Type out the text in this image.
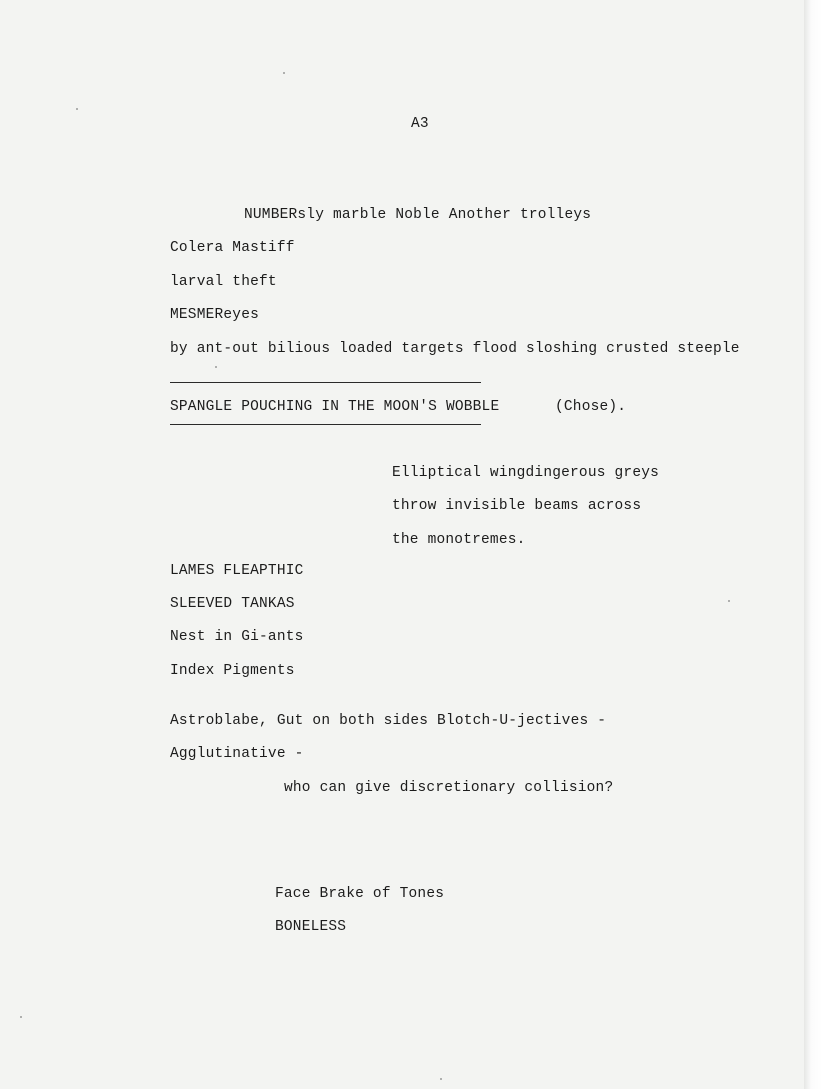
A3
NUMBERsly marble Noble Another trolleys
Colera Mastiff
larval theft
MESMEReyes
by ant-out bilious loaded targets flood sloshing crusted steeple
SPANGLE POUCHING IN THE MOON'S WOBBLE	(Chose).
Elliptical wingdingerous greys
throw invisible beams across
the monotremes.
LAMES FLEAPTHIC
SLEEVED TANKAS
Nest in Gi-ants
Index Pigments
Astroblabe, Gut on both sides Blotch-U-jectives -
Agglutinative -
who can give discretionary collision?
Face Brake of Tones
BONELESS
